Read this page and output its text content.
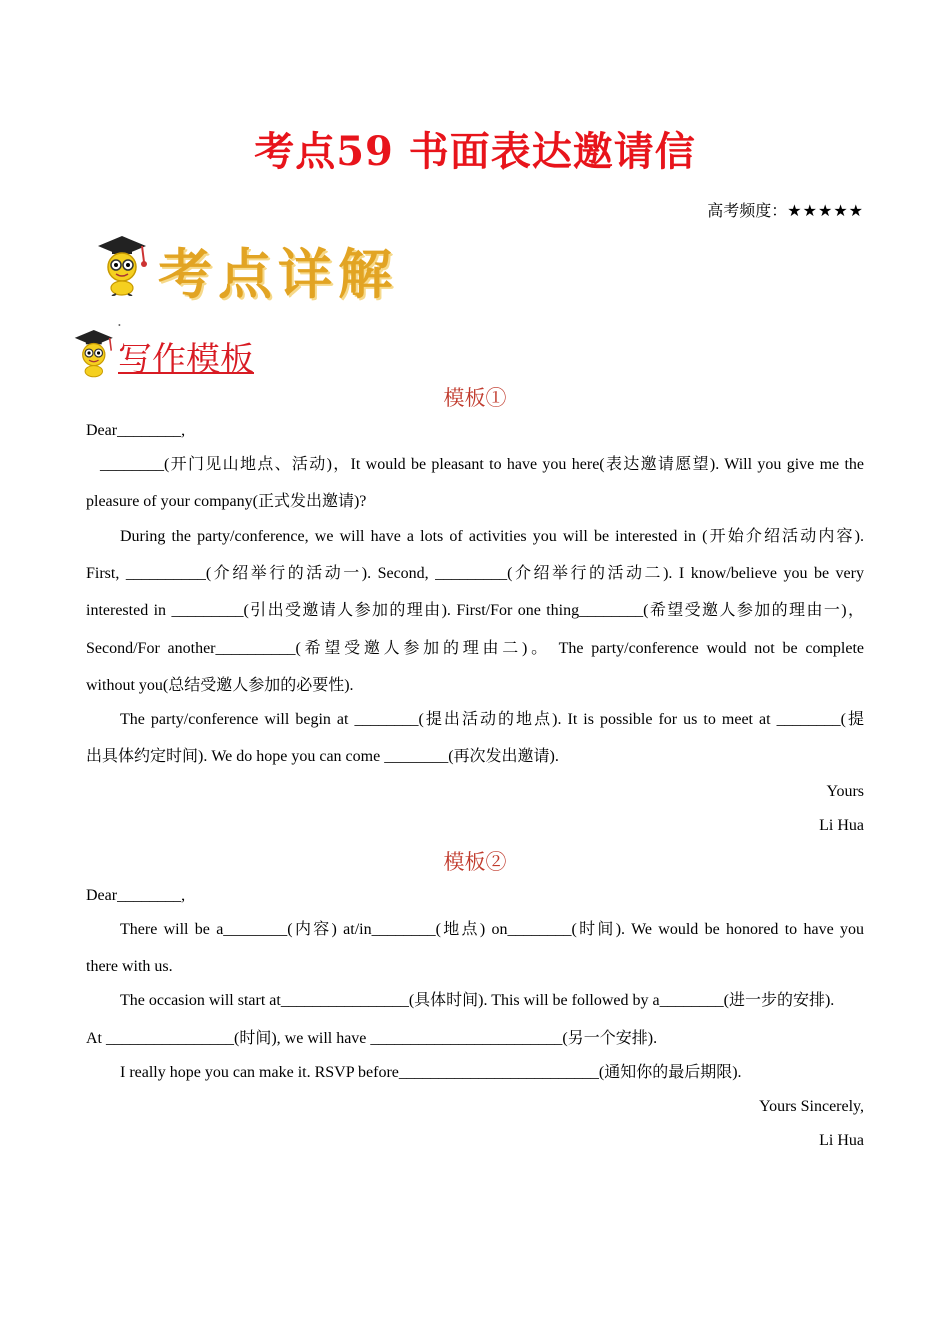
考点59 书面表达邀请信
高考频度：★★★★★
考点详解
•
写作模板
模板①
Dear________,
________(开门见山地点、活动)，It would be pleasant to have you here(表达邀请愿望). Will you give me the
pleasure of your company(正式发出邀请)?
During the party/conference, we will have a lots of activities you will be interested in (开始介绍活动内容).
First, __________(介绍举行的活动一). Second, _________(介绍举行的活动二). I know/believe you be very
interested in _________(引出受邀请人参加的理由). First/For one thing________(希望受邀人参加的理由一)，
Second/For another__________(希望受邀人参加的理由二)。 The party/conference would not be complete
without you(总结受邀人参加的必要性).
The party/conference will begin at ________(提出活动的地点). It is possible for us to meet at ________(提
出具体约定时间). We do hope you can come ________(再次发出邀请).
Yours
Li Hua
模板②
Dear________,
There will be a________(内容) at/in________(地点) on________(时间). We would be honored to have you
there with us.
The occasion will start at________________(具体时间). This will be followed by a________(进一步的安排).
At ________________(时间), we will have ________________________(另一个安排).
I really hope you can make it. RSVP before_________________________(通知你的最后期限).
Yours Sincerely,
Li Hua
